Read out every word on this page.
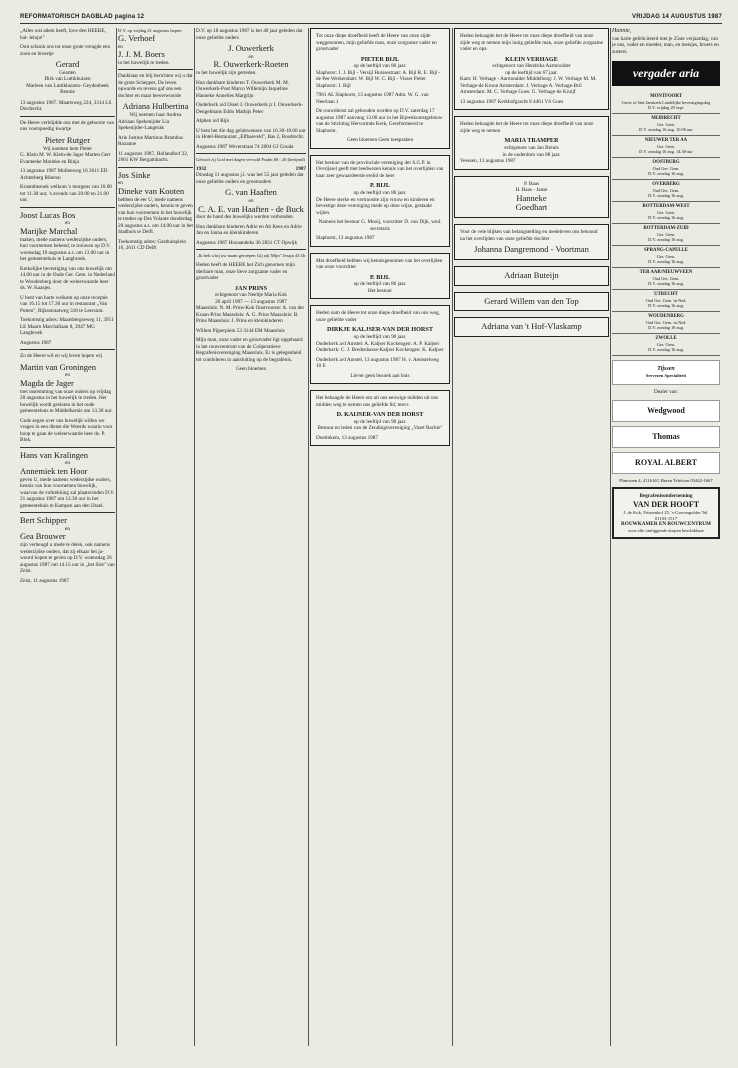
REFORMATORISCH DAGBLAD pagina 12	VRIJDAG 14 AUGUSTUS 1987
„Alles wat adem heeft, love den HEERE, hal- leluja!"
Ooit schonk ons tot onze grote vreugde een zoon en broertje
Gerard
Gearten
Dirk van Luttikhuizen
Marleen van Luttikhuizen- Geydenbeek
Bennie
13 augustus 1987. Maartsweg 224, 3314 LS Dordrecht.
De Heere verblijdde ons met de geboorte van ons voorspoedig kwartje
Pieter Rutger
Wij noemen hem Pieter
G. Klein M. W. Klein-de Jager Marten Gert Evanteeke Marieke en Rinja
13 augustus 1987 Mollenweg 16 2611 ED Achterberg Ribersn
Kraambezoek welkom 's morgens van 10.00 tot 11.30 uur, 's avonds van 20.00 en 21.00 uur.
Joost Lucas Bos
en
Marijke Marchal
maken, mede namens wederzijdse ouders, hun voornemen bekend, te trouwen op D.V. woensdag 19 augustus a.s. om 13.00 uur in het gemeentehuis te Langbroek.
Kerkelijke bevestiging van ons huwelijk om 14.00 uur in de Oude Ger. Gem. in Nederland te Woudenberg door de weleerwaarde heer ds. W. Kaasjes.
U bent van harte welkom op onze receptie van 16.15 tot 17.30 uur in restaurant „Van Putten", Rijksstraatweg 318 te Leersum.
Toekomstig adres: Maarsbergseweg 11, 3951 LE Maarn Marchallaan 8, 3947 MG Langbroek
Augustus 1987
Zo de Heere wil en wij leven hopen wij
Martin van Groningen
en
Magda de Jager
met instemming van onze ouders op vrijdag 28 augustus in het huwelijk te treden. Het huwelijk wordt gesloten in het oude gemeentehuis te Middelharnis om 13.30 uur.
Gods zegen over ons huwelijk willen we vragen in een dienst die Woerds waarin voor hoop te gaan de weleerwaarde heer ds. P. Blok.
Hans van Kralingen
en
Annemiek ten Hoor
geven U, mede namens wederzijdse ouders, kennis van hun voornemen huwelijk, waarvan de voltrekking zal plaatsvinden D.V. 21 augustus 1987 om 12.30 uur in het gemeentehuis te Kampen aan den IJssel.
Bert Schipper
en
Gea Brouwer
zijn verheugd u mede te delen, ook namens wederzijdse ouders, dat zij elkaar het ja-woord hopen te geven op D.V. woensdag 26 augustus 1987 om 14.15 uur in „het Slot" van Zeist.
Zeist, 11 augustus 1987
D.V. op vrijdag 21 augustus hopen
G. Verhoef
en
J. J. M. Boers
in het huwelijk te treden.
Dankbaar en blij berichten wij u dat de grote Schepper, De leven opwarde en tevens gaf ons een dochter en maar bewerwoorde
Adriana Hulbertina
Wij noemen haar Andrea
Adriaan Spekenijder Lia Spekenijder-Langerak
Arie Justine Martinus Brambus Rozanne
11 augustus 1987, Hollandhof 22, 2661 KW Bergambacht.
Jos Sinke
en
Dineke van Kooten
hebben de eer U, mede namens wederzijdse ouders, kennis te geven van hun voornemen in het huwelijk te treden op Des Volante donderdag 20 augustus a.s. om 14.00 uur in het Stadhuis te Delft.
Toekomstig adres: Gasthuisplein 16, 2611 CD Delft
D.V. op 18 augustus 1987 is het 40 jaar geleden dat onze geliefde ouders
J. Ouwerkerk
en
R. Ouwerkerk-Roeten
in het huwelijk zijn getreden.
Hun dankbare kinderen T. Ouwerkerk M. M. Ouwerkerk-Post Marco Willemijn Jaqueline Hanneke Annelies Margrijn
Ouderkerk a/d IJssel J. Ouwerkerk jr I. Ouwerkerk-Dengelmans Eddo Mathijs Peter
Alphen a/d Rijn
U bent het die dag gelukwensen van 16.30-18.00 uur in Hotel-Restaurant „Elfbaeveld", Bas 2, Bosdrecht.
Augustus 1987 Weverstraat 74 2804 GJ Gouda
Gelooft zij God met dagen vervuld Psalm 68 : 20 (berijmd)
1932	1987
Dinsdag 11 augustus j.l. was het 55 jaar geleden dat onze geliefde ouders en grootouders
G. van Haaften
en
C. A. E. van Haaften - de Buck
door de hand des huwelijks werden verbonden.
Hun dankbare kinderen Adrie en Ab Kees en Adrie Jan en Janna en kleinkinderen
Augustus 1987 Hooaandeks 36 2831 CT Opwijk
„Ik heb u bij uw naam geroepen Gij zijt Mijn" Jesaja 43:1b
Heden heeft de HEERE het Zich genomen mijn dierbare man, onze lieve zorgzame vader en grootvader
JAN PRINS
echtgenoot van Neeltje Maria Kok
26 april 1907 — 13 augustus 1987
Maassluis: N. M. Prins-Kok Oostvoorne: A. van der Kraan-Prins Maassluis: A. G. Prins Maassluis: B. Prins Maassluis: J. Prins en kleinkinderen
Willem Pijperplein 53 3144 EM Maassluis
Mijn man, onze vader en grootvader ligt opgebaard in het rouwcentrum van de Coöperatieve Begrafenisvereniging Maassluis. Er is gelegenheid tot condoleren in aansluiting op de begrafenis.
Geen bloemen
Tot onze diepe droefheid heeft de Heere van onze zijde weggenomen, mijn geliefde man, onze zorgzame vader en grootvader
PIETER BIJL
op de leeftijd van 86 jaar.
Slaphorst: J. J. Bijl - Versijl Huissestraat: A. Bijl R. E. Bijl - de Pee Werkendam: W. Bijl W. C. Bijl - Visser Pieter Slaphorst: J. Bijl
7961 AL Slaphorst, 13 augustus 1987 Adm. W. G. van Neerlaan 1
De rouwdienst zal gehouden worden op D.V. zaterdag 17 augustus 1987 aanvang 13.00 uur in het Bijeenkomstgebouw van de Stichting Hervormde Kerk, Gereformeerd te Slaphorst.
Geen bloemen Geen toespraken
Het bestuur van de provinciale vereniging der S.G.P. in Overijssel geeft met leedwezen kennis van het overlijden van haar zeer gewaardeerde erelid de heer
P. BIJL
op de leeftijd van 86 jaar.
De Heere sterke en vertroostte zijn vrouw en kinderen en bevestige deze vereniging mede op deze wijze, gestaakt wijlen.
Namens het bestuur G. Mooij, voorzitter D. van Dijk, wnd. secretaris
Slaphorst, 13 augustus 1987
Met droefheid hebben wij kennisgenomen van het overlijden van onze voorzitter
P. BIJL
op de leeftijd van 86 jaar.
Het bestuur
Heden nam de Heere tot onze diepe droefheid van ons weg, onze geliefde vader
DIRKJE KALJSER-VAN DER HORST
op de leeftijd van 90 jaar.
Ouderkerk a/d Amstel: A. Kaljser Kockengen: A. P. Kaljser Ouderkerk: C. J. Bredenhasse-Kaljser Kockengen: K. Kaljser
Ouderkerk a/d Amstel, 13 augustus 1987 H. v. Aemstelweg 10 E
Liever geen bezoek aan huis
Het behaagde de Heere om uit ons eeuwige midden uit ons midden weg te nemen ons geliefde lid, mevr.
D. KAIJSER-VAN DER HORST
op de leeftijd van 90 jaar.
Bestuur en leden van de Zendingsvereniging „Vaart Rachie"
Doetinkem, 13 augustus 1987
Heden behaagde het de Heere tot onze diepe droefheid van onze zijde weg te nemen mijn innig geliefde man, onze geliefde zorgzame vader en opa
KLEIN VERHAGE
echtgenoot van Hendrika Aarmoulder
op de leeftijd van 67 jaar.
Kam: H. Verhage - Aarmoulder Middelburg: J. W. Verhage M. M. Verhage-de Kroon Amsterdam: J. Verhage A. Verhage-Bril Amsterdam: M. C. Verhage Goes: G. Verhage-de Kruijf
13 augustus 1987 Kerkhofgracht 8 4461 VS Goes
Heden behaagde het de Heere tot onze diepe droefheid van onze zijde weg te nemen
MARIA TRAMPER
echtgenote van Jan Breuls
in de ouderdom van 88 jaar.
Veessen, 13 augustus 1987
P. Baas
H. Baas - Janse
Hanneke
Goedhart
Voor de vele blijken van belangstelling en medeleven ons betoond na het overlijden van onze geliefde dochter
Johanna Dangremond - Voortman
Adriaan Buteijn
Gerard Willem van den Top
Adriana van 't Hof-Vlaskamp
Hannie,
van harte gefeliciteerd met je 25ste verjaardag, van je ons, vader en moeder, man, en meisjes, broers en zusters.
vergader aria
MONTFOORT
Grote of Sint Janskerk Landelijke bevestigingsdag
D.V. vrijdag 20 sept.
MIJDRECHT
Ger. Gem.
D.V. zondag 16 aug. 10.00 uur
NIEUWER TER AA
Ger. Gem.
D.V. zondag 16 aug. 14.30 uur
OOSTBURG
Oud Ger. Gem.
D.V. zondag 16 aug.
OVERBERG
Oud Ger. Gem.
D.V. zondag 16 aug.
ROTTERDAM-WEST
Ger. Gem.
D.V. zondag 16 aug.
ROTTERDAM-ZUID
Ger. Gem.
D.V. zondag 16 aug.
SPRANG-CAPELLE
Ger. Gem.
D.V. zondag 16 aug.
TER AAR/NIEUWVEEN
Oud Ger. Gem.
D.V. zondag 16 aug.
UTRECHT
Oud Ger. Gem. in Ned.
D.V. zondag 16 aug.
WOUDENBERG
Oud Ger. Gem. in Ned.
D.V. zondag 16 aug.
ZWOLLE
Ger. Gem.
D.V. zondag 16 aug.
Tijssen
Servezen Specialiteit
Dealer van:
Wedgwood
Thomas
ROYAL ALBERT
Plantsoen 4, 4116 KG Buren Telefoon 03442-1667
Begrafenisonderneming
VAN DER HOOFT
J. de Kok, Prinsenhof 25, 's-Gravenpolder Tel. 01103-1517
ROUWKAMER EN ROUWCENTRUM
voor alle omliggende dorpen beschikbaar
